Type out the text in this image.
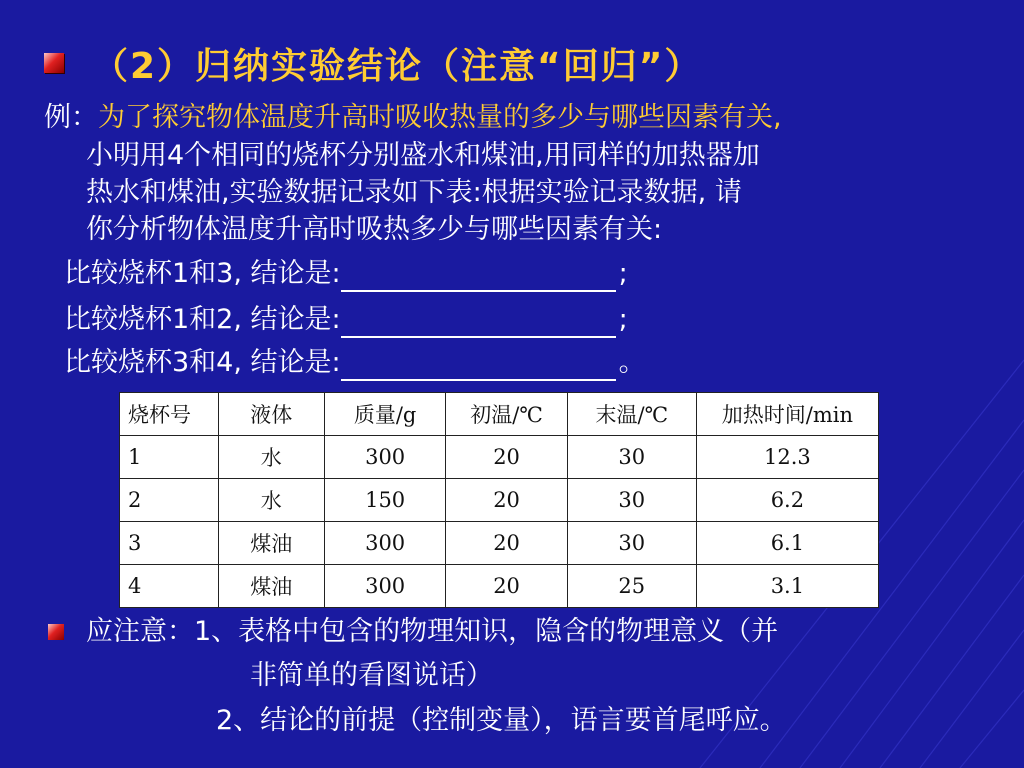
（2）归纳实验结论（注意“回归”）
例：为了探究物体温度升高时吸收热量的多少与哪些因素有关,
小明用4个相同的烧杯分别盛水和煤油,用同样的加热器加
热水和煤油,实验数据记录如下表:根据实验记录数据, 请
你分析物体温度升高时吸热多少与哪些因素有关:
比较烧杯1和3, 结论是:	;
比较烧杯1和2, 结论是:	;
比较烧杯3和4, 结论是:	。
烧杯号	液体	质量/g	初温/℃	末温/℃	加热时间/min
1	水	300	20	30	12.3
2	水	150	20	30	6.2
3	煤油	300	20	30	6.1
4	煤油	300	20	25	3.1
应注意：1、表格中包含的物理知识，隐含的物理意义（并
非简单的看图说话）
2、结论的前提（控制变量），语言要首尾呼应。
